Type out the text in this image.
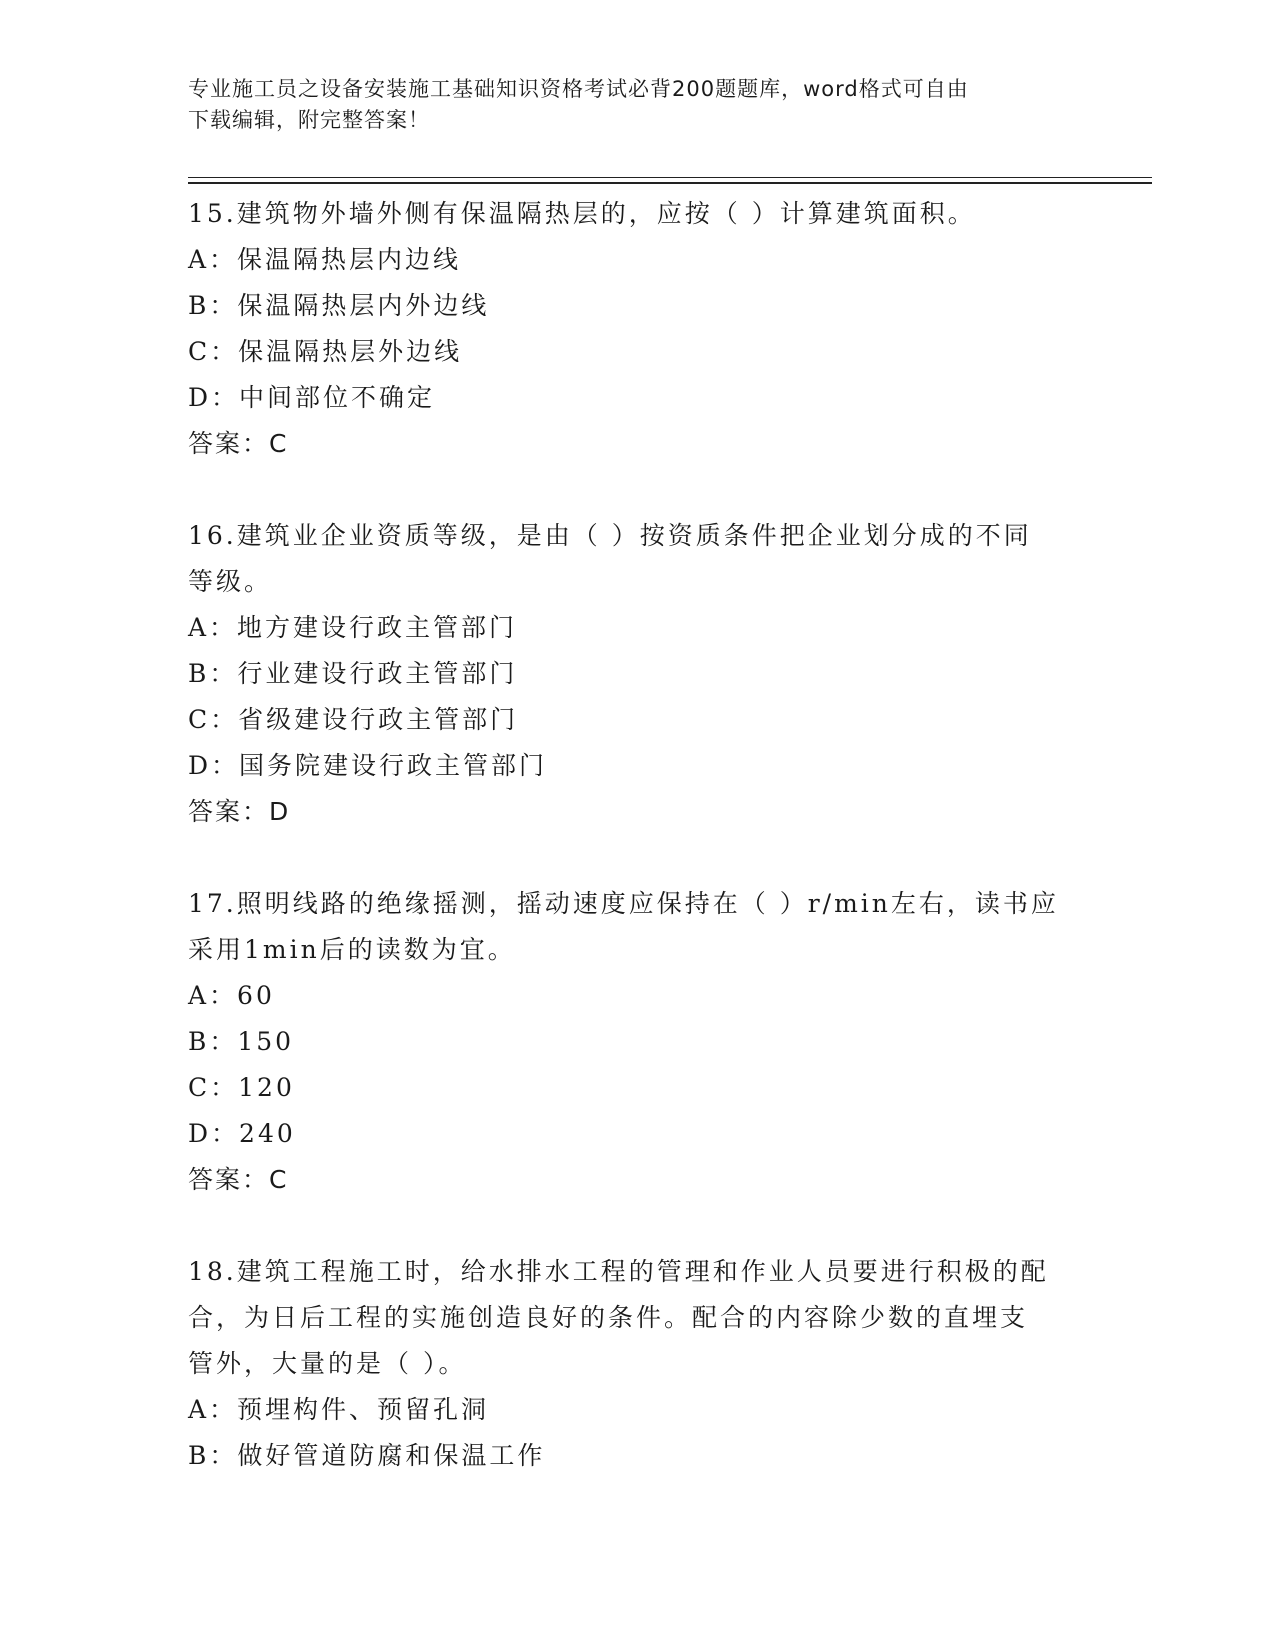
专业施工员之设备安装施工基础知识资格考试必背200题题库，word格式可自由
下载编辑，附完整答案！
15.建筑物外墙外侧有保温隔热层的，应按（ ）计算建筑面积。
A：保温隔热层内边线
B：保温隔热层内外边线
C：保温隔热层外边线
D：中间部位不确定
答案：C
16.建筑业企业资质等级，是由（ ）按资质条件把企业划分成的不同
等级。
A：地方建设行政主管部门
B：行业建设行政主管部门
C：省级建设行政主管部门
D：国务院建设行政主管部门
答案：D
17.照明线路的绝缘摇测，摇动速度应保持在（ ）r/min左右，读书应
采用1min后的读数为宜。
A：60
B：150
C：120
D：240
答案：C
18.建筑工程施工时，给水排水工程的管理和作业人员要进行积极的配
合，为日后工程的实施创造良好的条件。配合的内容除少数的直埋支
管外，大量的是（ ）。
A：预埋构件、预留孔洞
B：做好管道防腐和保温工作
